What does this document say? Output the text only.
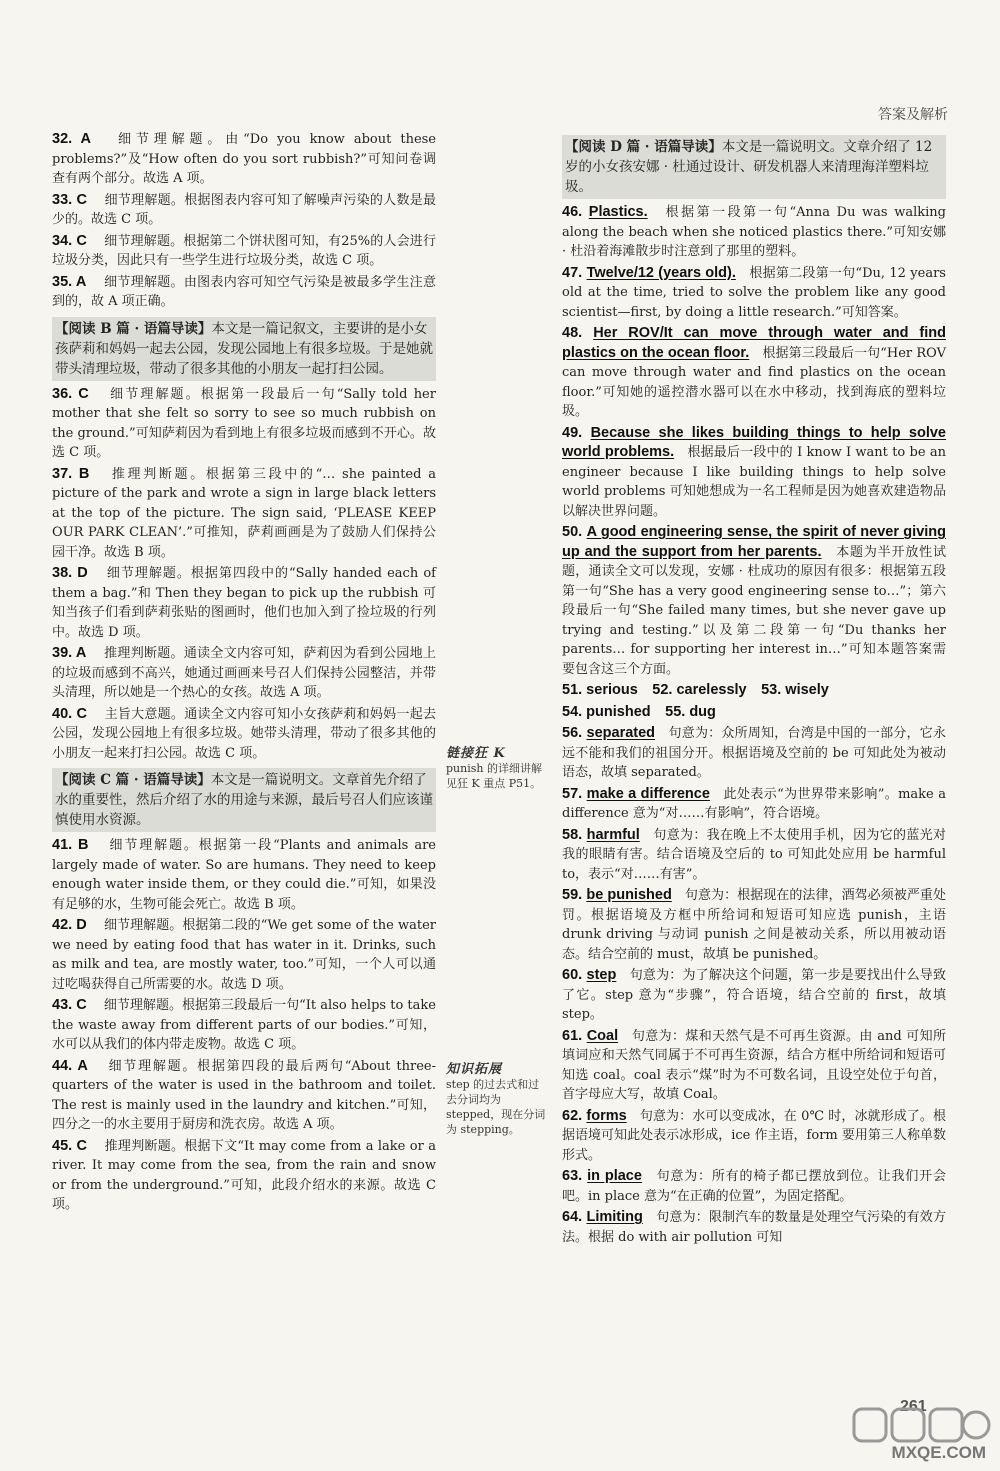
答案及解析
32. A 　 细节理解题。由“Do you know about these problems?”及“How often do you sort rubbish?”可知问卷调查有两个部分。故选 A 项。
33. C 　 细节理解题。根据图表内容可知了解噪声污染的人数是最少的。故选 C 项。
34. C 　 细节理解题。根据第二个饼状图可知，有25%的人会进行垃圾分类，因此只有一些学生进行垃圾分类，故选 C 项。
35. A 　 细节理解题。由图表内容可知空气污染是被最多学生注意到的，故 A 项正确。
【阅读 B 篇 · 语篇导读】本文是一篇记叙文，主要讲的是小女孩萨莉和妈妈一起去公园，发现公园地上有很多垃圾。于是她就带头清理垃圾，带动了很多其他的小朋友一起打扫公园。
36. C 　 细节理解题。根据第一段最后一句“Sally told her mother that she felt so sorry to see so much rubbish on the ground.”可知萨莉因为看到地上有很多垃圾而感到不开心。故选 C 项。
37. B 　 推理判断题。根据第三段中的“… she painted a picture of the park and wrote a sign in large black letters at the top of the picture. The sign said, ‘PLEASE KEEP OUR PARK CLEAN’.”可推知，萨莉画画是为了鼓励人们保持公园干净。故选 B 项。
38. D 　 细节理解题。根据第四段中的“Sally handed each of them a bag.”和 Then they began to pick up the rubbish 可知当孩子们看到萨莉张贴的图画时，他们也加入到了捡垃圾的行列中。故选 D 项。
39. A 　 推理判断题。通读全文内容可知，萨莉因为看到公园地上的垃圾而感到不高兴，她通过画画来号召人们保持公园整洁，并带头清理，所以她是一个热心的女孩。故选 A 项。
40. C 　 主旨大意题。通读全文内容可知小女孩萨莉和妈妈一起去公园，发现公园地上有很多垃圾。她带头清理，带动了很多其他的小朋友一起来打扫公园。故选 C 项。
【阅读 C 篇 · 语篇导读】本文是一篇说明文。文章首先介绍了水的重要性，然后介绍了水的用途与来源，最后号召人们应该谨慎使用水资源。
41. B 　 细节理解题。根据第一段“Plants and animals are largely made of water. So are humans. They need to keep enough water inside them, or they could die.”可知，如果没有足够的水，生物可能会死亡。故选 B 项。
42. D 　 细节理解题。根据第二段的“We get some of the water we need by eating food that has water in it. Drinks, such as milk and tea, are mostly water, too.”可知，一个人可以通过吃喝获得自己所需要的水。故选 D 项。
43. C 　 细节理解题。根据第三段最后一句“It also helps to take the waste away from different parts of our bodies.”可知，水可以从我们的体内带走废物。故选 C 项。
44. A 　 细节理解题。根据第四段的最后两句“About three-quarters of the water is used in the bathroom and toilet. The rest is mainly used in the laundry and kitchen.”可知，四分之一的水主要用于厨房和洗衣房。故选 A 项。
45. C 　 推理判断题。根据下文“It may come from a lake or a river. It may come from the sea, from the rain and snow or from the underground.”可知，此段介绍水的来源。故选 C 项。
【阅读 D 篇 · 语篇导读】本文是一篇说明文。文章介绍了 12 岁的小女孩安娜 · 杜通过设计、研发机器人来清理海洋塑料垃圾。
46. Plastics.　 根据第一段第一句“Anna Du was walking along the beach when she noticed plastics there.”可知安娜 · 杜沿着海滩散步时注意到了那里的塑料。
47. Twelve/12 (years old).　 根据第二段第一句“Du, 12 years old at the time, tried to solve the problem like any good scientist—first, by doing a little research.”可知答案。
48. Her ROV/It can move through water and find plastics on the ocean floor.　 根据第三段最后一句“Her ROV can move through water and find plastics on the ocean floor.”可知她的遥控潜水器可以在水中移动，找到海底的塑料垃圾。
49. Because she likes building things to help solve world problems.　 根据最后一段中的 I know I want to be an engineer because I like building things to help solve world problems 可知她想成为一名工程师是因为她喜欢建造物品以解决世界问题。
50. A good engineering sense, the spirit of never giving up and the support from her parents.　 本题为半开放性试题，通读全文可以发现，安娜 · 杜成功的原因有很多：根据第五段第一句“She has a very good engineering sense to…”；第六段最后一句“She failed many times, but she never gave up trying and testing.”以及第二段第一句“Du thanks her parents… for supporting her interest in…”可知本题答案需要包含这三个方面。
51. serious　52. carelessly　53. wisely
54. punished　55. dug
56. separated　 句意为：众所周知，台湾是中国的一部分，它永远不能和我们的祖国分开。根据语境及空前的 be 可知此处为被动语态，故填 separated。
57. make a difference　 此处表示“为世界带来影响”。make a difference 意为“对……有影响”，符合语境。
58. harmful　 句意为：我在晚上不太使用手机，因为它的蓝光对我的眼睛有害。结合语境及空后的 to 可知此处应用 be harmful to，表示“对……有害”。
59. be punished　 句意为：根据现在的法律，酒驾必须被严重处罚。根据语境及方框中所给词和短语可知应选 punish，主语 drunk driving 与动词 punish 之间是被动关系，所以用被动语态。结合空前的 must，故填 be punished。
60. step　 句意为：为了解决这个问题，第一步是要找出什么导致了它。step 意为“步骤”，符合语境，结合空前的 first，故填 step。
61. Coal　 句意为：煤和天然气是不可再生资源。由 and 可知所填词应和天然气同属于不可再生资源，结合方框中所给词和短语可知选 coal。coal 表示“煤”时为不可数名词，且设空处位于句首，首字母应大写，故填 Coal。
62. forms　 句意为：水可以变成冰，在 0℃ 时，冰就形成了。根据语境可知此处表示冰形成，ice 作主语，form 要用第三人称单数形式。
63. in place　 句意为：所有的椅子都已摆放到位。让我们开会吧。in place 意为“在正确的位置”，为固定搭配。
64. Limiting　 句意为：限制汽车的数量是处理空气污染的有效方法。根据 do with air pollution 可知
链接狂 K
punish 的详细讲解见狂 K 重点 P51。
知识拓展
step 的过去式和过去分词均为 stepped，现在分词为 stepping。
261
MXQE.COM
